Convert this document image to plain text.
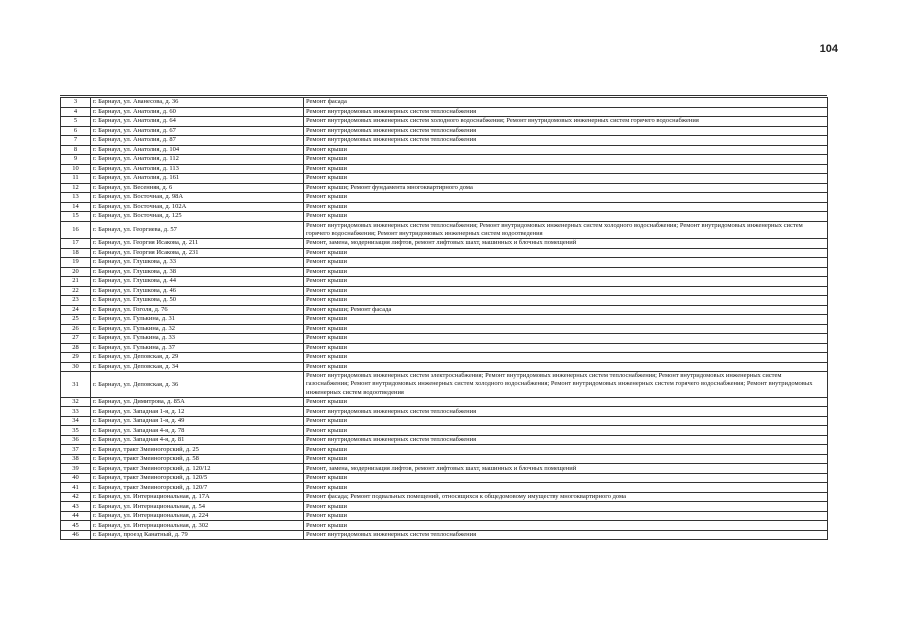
104
3	г. Барнаул, ул. Аванесова, д. 36	Ремонт фасада
4	г. Барнаул, ул. Анатолия, д. 60	Ремонт внутридомовых инженерных систем теплоснабжения
5	г. Барнаул, ул. Анатолия, д. 64	Ремонт внутридомовых инженерных систем холодного водоснабжения; Ремонт внутридомовых инженерных систем горячего водоснабжения
6	г. Барнаул, ул. Анатолия, д. 67	Ремонт внутридомовых инженерных систем теплоснабжения
7	г. Барнаул, ул. Анатолия, д. 87	Ремонт внутридомовых инженерных систем теплоснабжения
8	г. Барнаул, ул. Анатолия, д. 104	Ремонт крыши
9	г. Барнаул, ул. Анатолия, д. 112	Ремонт крыши
10	г. Барнаул, ул. Анатолия, д. 113	Ремонт крыши
11	г. Барнаул, ул. Анатолия, д. 161	Ремонт крыши
12	г. Барнаул, ул. Весенняя, д. 6	Ремонт крыши; Ремонт фундамента многоквартирного дома
13	г. Барнаул, ул. Восточная, д. 98А	Ремонт крыши
14	г. Барнаул, ул. Восточная, д. 102А	Ремонт крыши
15	г. Барнаул, ул. Восточная, д. 125	Ремонт крыши
16	г. Барнаул, ул. Георгиева, д. 57	Ремонт внутридомовых инженерных систем теплоснабжения; Ремонт внутридомовых инженерных систем холодного водоснабжения; Ремонт внутридомовых инженерных систем горячего водоснабжения; Ремонт внутридомовых инженерных систем водоотведения
17	г. Барнаул, ул. Георгия Исакова, д. 211	Ремонт, замена, модернизация лифтов, ремонт лифтовых шахт, машинных и блочных помещений
18	г. Барнаул, ул. Георгия Исакова, д. 231	Ремонт крыши
19	г. Барнаул, ул. Глушкова, д. 33	Ремонт крыши
20	г. Барнаул, ул. Глушкова, д. 38	Ремонт крыши
21	г. Барнаул, ул. Глушкова, д. 44	Ремонт крыши
22	г. Барнаул, ул. Глушкова, д. 46	Ремонт крыши
23	г. Барнаул, ул. Глушкова, д. 50	Ремонт крыши
24	г. Барнаул, ул. Гоголя, д. 76	Ремонт крыши; Ремонт фасада
25	г. Барнаул, ул. Гулькина, д. 31	Ремонт крыши
26	г. Барнаул, ул. Гулькина, д. 32	Ремонт крыши
27	г. Барнаул, ул. Гулькина, д. 33	Ремонт крыши
28	г. Барнаул, ул. Гулькина, д. 37	Ремонт крыши
29	г. Барнаул, ул. Деповская, д. 29	Ремонт крыши
30	г. Барнаул, ул. Деповская, д. 34	Ремонт крыши
31	г. Барнаул, ул. Деповская, д. 36	Ремонт внутридомовых инженерных систем электроснабжения; Ремонт внутридомовых инженерных систем теплоснабжения; Ремонт внутридомовых инженерных систем газоснабжения; Ремонт внутридомовых инженерных систем холодного водоснабжения; Ремонт внутридомовых инженерных систем горячего водоснабжения; Ремонт внутридомовых инженерных систем водоотведения
32	г. Барнаул, ул. Димитрова, д. 85А	Ремонт крыши
33	г. Барнаул, ул. Западная 1-я, д. 12	Ремонт внутридомовых инженерных систем теплоснабжения
34	г. Барнаул, ул. Западная 1-я, д. 49	Ремонт крыши
35	г. Барнаул, ул. Западная 4-я, д. 78	Ремонт крыши
36	г. Барнаул, ул. Западная 4-я, д. 81	Ремонт внутридомовых инженерных систем теплоснабжения
37	г. Барнаул, тракт Змеиногорский, д. 25	Ремонт крыши
38	г. Барнаул, тракт Змеиногорский, д. 58	Ремонт крыши
39	г. Барнаул, тракт Змеиногорский, д. 120/12	Ремонт, замена, модернизация лифтов, ремонт лифтовых шахт, машинных и блочных помещений
40	г. Барнаул, тракт Змеиногорский, д. 120/5	Ремонт крыши
41	г. Барнаул, тракт Змеиногорский, д. 120/7	Ремонт крыши
42	г. Барнаул, ул. Интернациональная, д. 17А	Ремонт фасада; Ремонт подвальных помещений, относящихся к общедомовому имуществу многоквартирного дома
43	г. Барнаул, ул. Интернациональная, д. 54	Ремонт крыши
44	г. Барнаул, ул. Интернациональная, д. 224	Ремонт крыши
45	г. Барнаул, ул. Интернациональная, д. 302	Ремонт крыши
46	г. Барнаул, проезд Канатный, д. 79	Ремонт внутридомовых инженерных систем теплоснабжения
